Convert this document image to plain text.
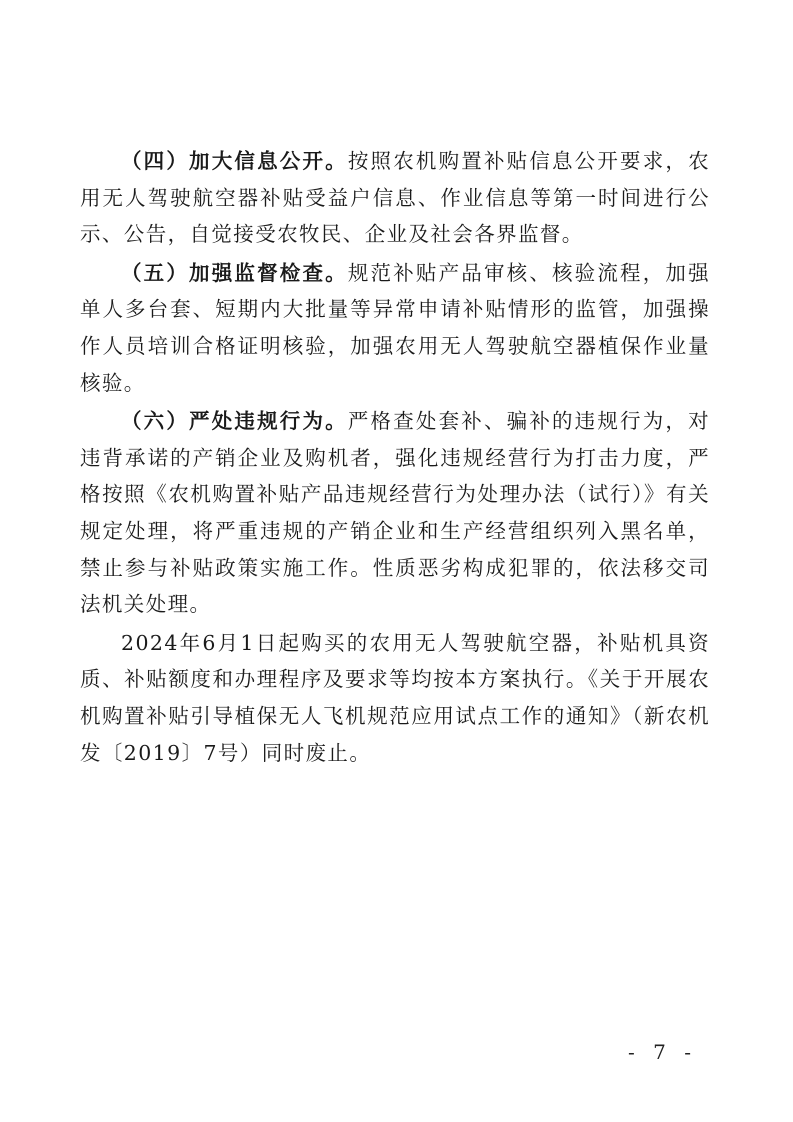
（四）加大信息公开。按照农机购置补贴信息公开要求，农用无人驾驶航空器补贴受益户信息、作业信息等第一时间进行公示、公告，自觉接受农牧民、企业及社会各界监督。

（五）加强监督检查。规范补贴产品审核、核验流程，加强单人多台套、短期内大批量等异常申请补贴情形的监管，加强操作人员培训合格证明核验，加强农用无人驾驶航空器植保作业量核验。

（六）严处违规行为。严格查处套补、骗补的违规行为，对违背承诺的产销企业及购机者，强化违规经营行为打击力度，严格按照《农机购置补贴产品违规经营行为处理办法（试行）》有关规定处理，将严重违规的产销企业和生产经营组织列入黑名单，禁止参与补贴政策实施工作。性质恶劣构成犯罪的，依法移交司法机关处理。

2024年6月1日起购买的农用无人驾驶航空器，补贴机具资质、补贴额度和办理程序及要求等均按本方案执行。《关于开展农机购置补贴引导植保无人飞机规范应用试点工作的通知》（新农机发〔2019〕7号）同时废止。

- 7 -
